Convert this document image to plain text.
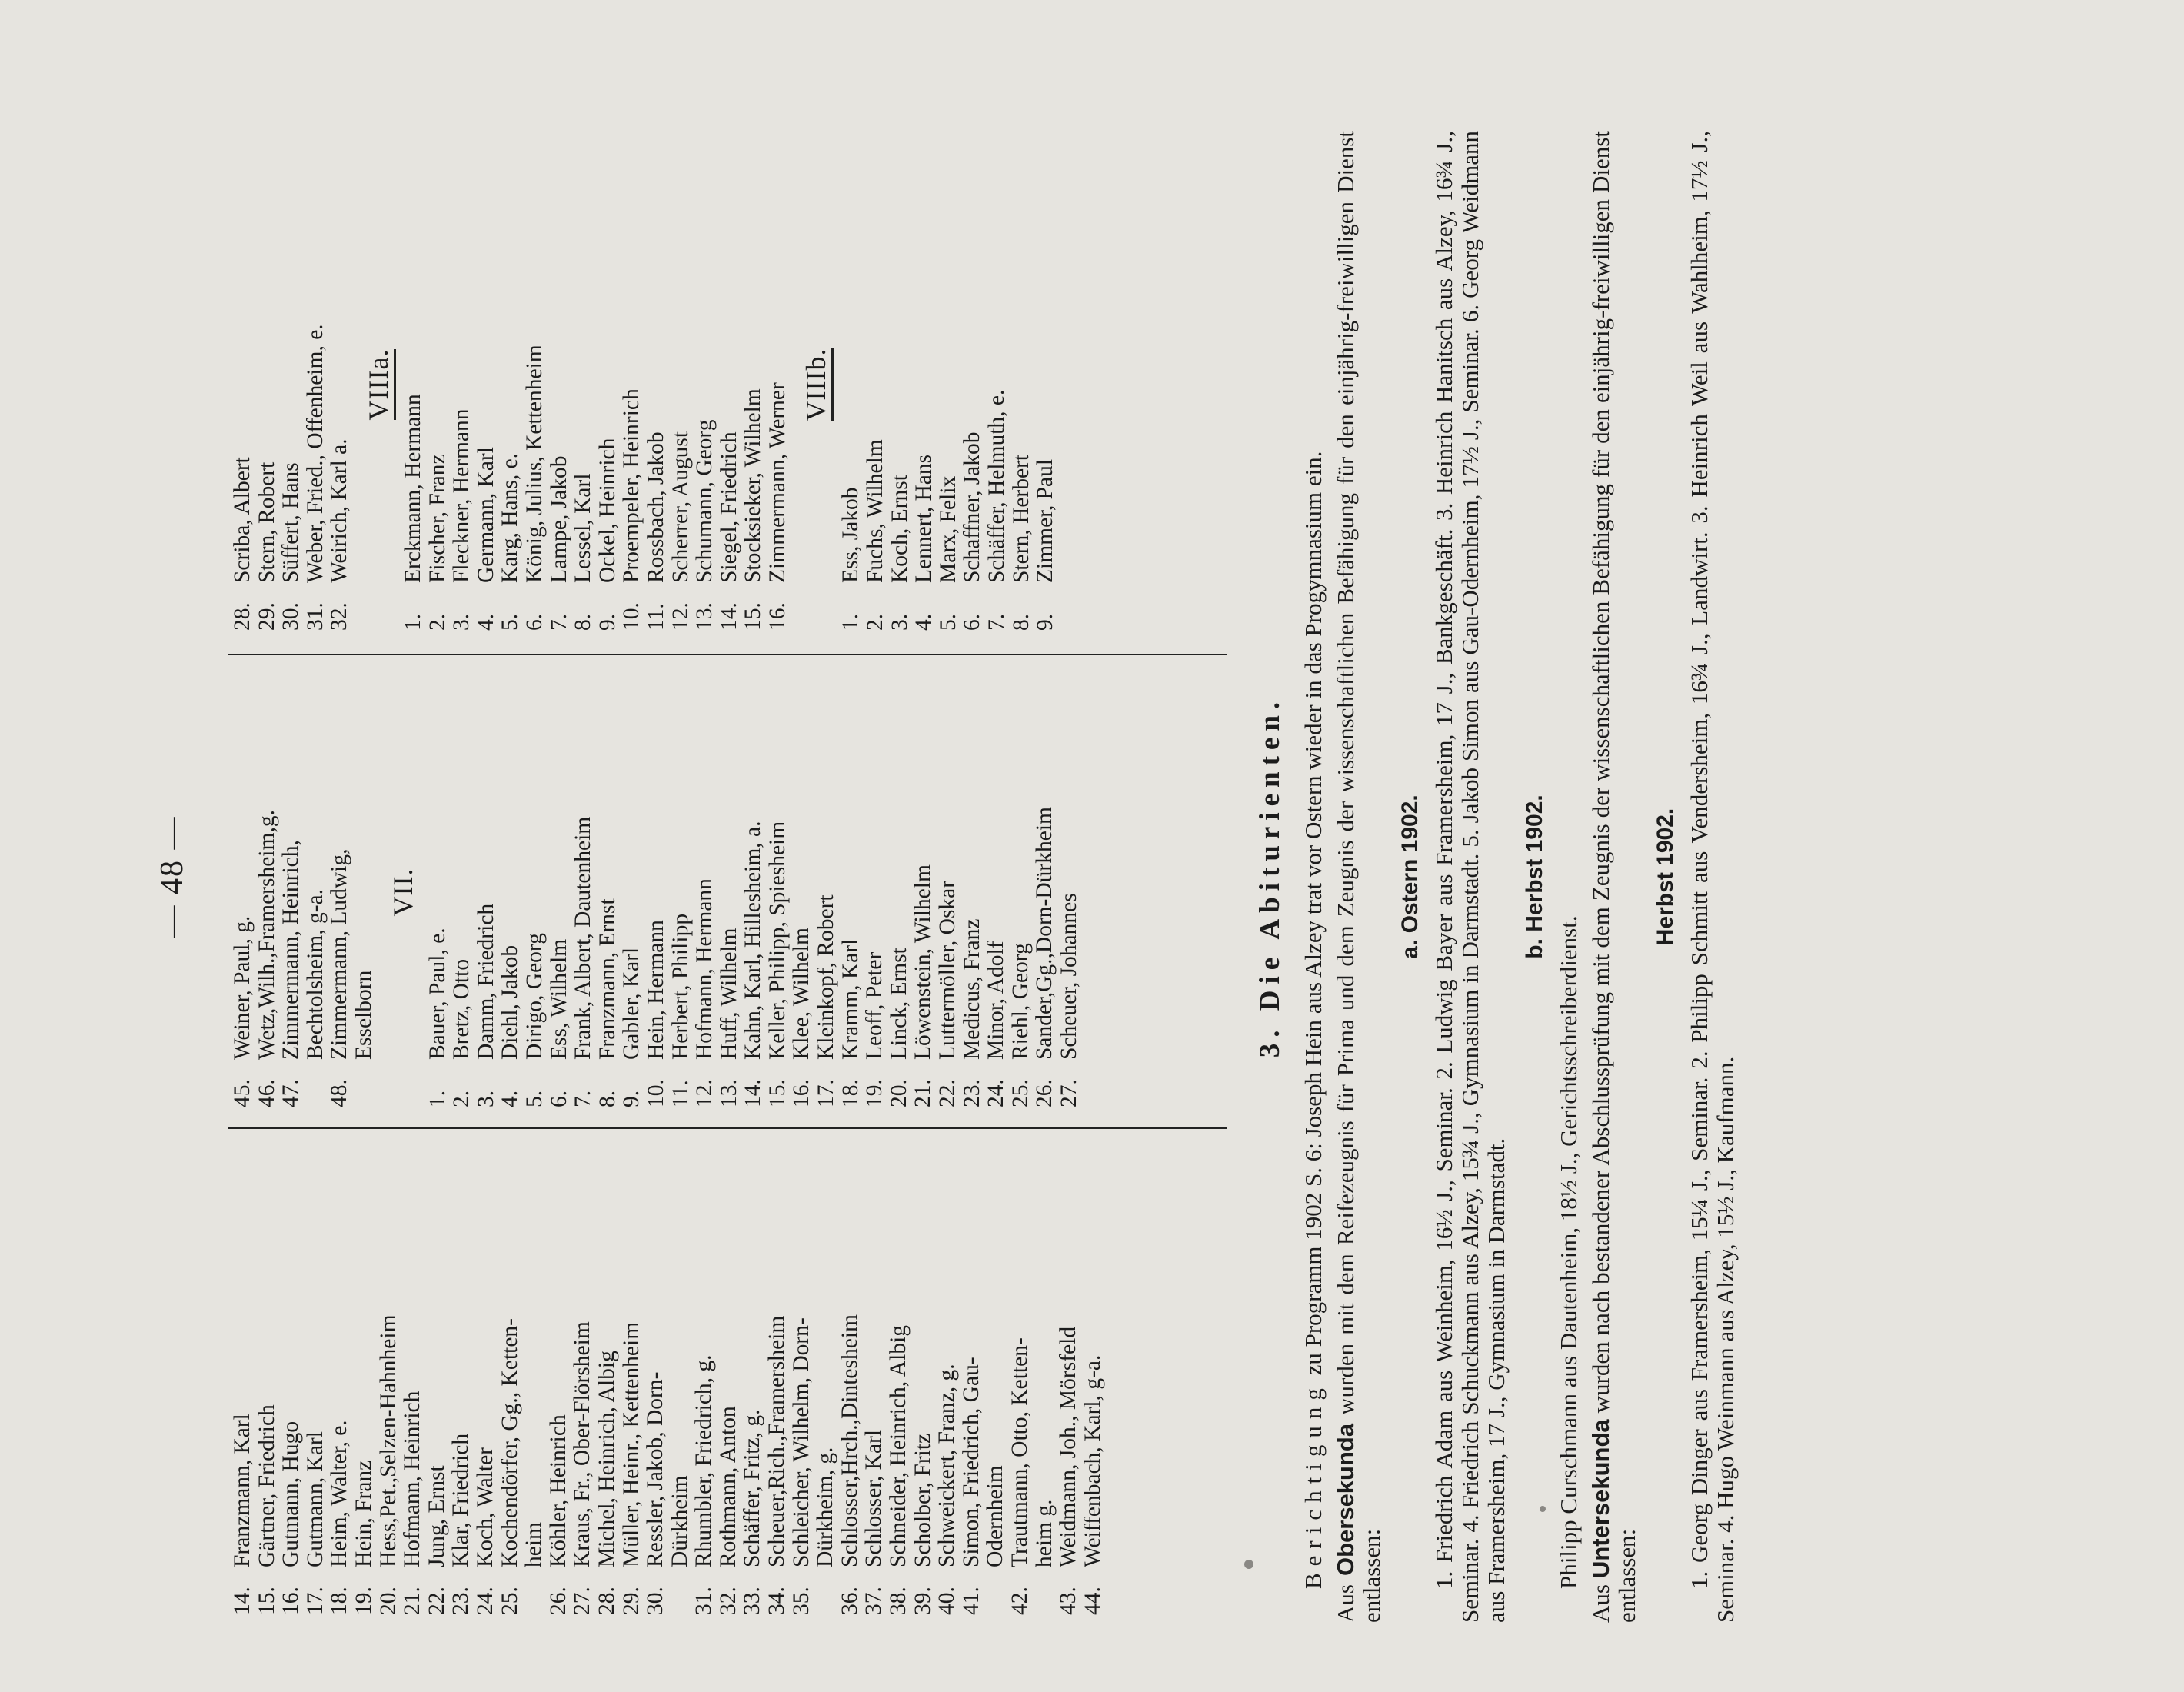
— 48 —
14.
Franzmann, Karl
15.
Gärtner, Friedrich
16.
Gutmann, Hugo
17.
Gutmann, Karl
18.
Heim, Walter, e.
19.
Hein, Franz
20.
Hess,Pet.,Selzen-Hahnheim
21.
Hofmann, Heinrich
22.
Jung, Ernst
23.
Klar, Friedrich
24.
Koch, Walter
25.
Kochendörfer, Gg., Ketten- heim
26.
Köhler, Heinrich
27.
Kraus, Fr., Ober-Flörsheim
28.
Michel, Heinrich, Albig
29.
Müller, Heinr., Kettenheim
30.
Ressler, Jakob, Dorn- Dürkheim
31.
Rhumbler, Friedrich, g.
32.
Rothmann, Anton
33.
Schäffer, Fritz, g.
34.
Scheuer,Rich.,Framersheim
35.
Schleicher, Wilhelm, Dorn- Dürkheim, g.
36.
Schlosser,Hrch.,Dintesheim
37.
Schlosser, Karl
38.
Schneider, Heinrich, Albig
39.
Scholber, Fritz
40.
Schweickert, Franz, g.
41.
Simon, Friedrich, Gau- Odernheim
42.
Trautmann, Otto, Ketten- heim g.
43.
Weidmann, Joh., Mörsfeld
44.
Weiffenbach, Karl, g-a.
45.
Weiner, Paul, g.
46.
Wetz,Wilh.,Framersheim,g.
47.
Zimmermann, Heinrich, Bechtolsheim, g-a.
48.
Zimmermann, Ludwig, Esselborn
VII.
1.
Bauer, Paul, e.
2.
Bretz, Otto
3.
Damm, Friedrich
4.
Diehl, Jakob
5.
Dirigo, Georg
6.
Ess, Wilhelm
7.
Frank, Albert, Dautenheim
8.
Franzmann, Ernst
9.
Gabler, Karl
10.
Hein, Hermann
11.
Herbert, Philipp
12.
Hofmann, Hermann
13.
Huff, Wilhelm
14.
Kahn, Karl, Hillesheim, a.
15.
Keller, Philipp, Spiesheim
16.
Klee, Wilhelm
17.
Kleinkopf, Robert
18.
Kramm, Karl
19.
Leoff, Peter
20.
Linck, Ernst
21.
Löwenstein, Wilhelm
22.
Luttermöller, Oskar
23.
Medicus, Franz
24.
Minor, Adolf
25.
Riehl, Georg
26.
Sander,Gg.,Dorn-Dürkheim
27.
Scheuer, Johannes
28.
Scriba, Albert
29.
Stern, Robert
30.
Süffert, Hans
31.
Weber, Fried., Offenheim, e.
32.
Weirich, Karl a.
VIIIa.
1.
Erckmann, Hermann
2.
Fischer, Franz
3.
Fleckner, Hermann
4.
Germann, Karl
5.
Karg, Hans, e.
6.
König, Julius, Kettenheim
7.
Lampe, Jakob
8.
Lessel, Karl
9.
Ockel, Heinrich
10.
Proempeler, Heinrich
11.
Rossbach, Jakob
12.
Scherrer, August
13.
Schumann, Georg
14.
Siegel, Friedrich
15.
Stocksieker, Wilhelm
16.
Zimmermann, Werner VIIIb.
1.
Ess, Jakob
2.
Fuchs, Wilhelm
3.
Koch, Ernst
4.
Lennert, Hans
5.
Marx, Felix
6.
Schaffner, Jakob
7.
Schäffer, Helmuth, e.
8.
Stern, Herbert
9.
Zimmer, Paul
3. Die Abiturienten.

Berichtigung zu Programm 1902 S. 6: Joseph Hein aus Alzey trat vor Ostern wieder in das Progymnasium ein.

Aus Obersekunda wurden mit dem Reifezeugnis für Prima und dem Zeugnis der wissenschaftlichen Befähigung für den einjährig-freiwilligen Dienst entlassen:

a. Ostern 1902. 1. Friedrich Adam aus Weinheim, 16½ J., Seminar. 2. Ludwig Bayer aus Framersheim, 17 J., Bankgeschäft. 3. Heinrich Hanitsch aus Alzey, 16¾ J., Seminar. 4. Friedrich Schuckmann aus Alzey, 15¾ J., Gymnasium in Darmstadt. 5. Jakob Simon aus Gau-Odernheim, 17½ J., Seminar. 6. Georg Weidmann aus Framersheim, 17 J., Gymnasium in Darmstadt.

b. Herbst 1902.

Philipp Curschmann aus Dautenheim, 18½ J., Gerichtsschreiberdienst.

Aus Untersekunda wurden nach bestandener Abschlussprüfung mit dem Zeugnis der wissenschaftlichen Befähigung für den einjährig-freiwilligen Dienst entlassen:

Herbst 1902. 1. Georg Dinger aus Framersheim, 15¼ J., Seminar. 2. Philipp Schmitt aus Vendersheim, 16¾ J., Landwirt. 3. Heinrich Weil aus Wahlheim, 17½ J., Seminar. 4. Hugo Weinmann aus Alzey, 15½ J., Kaufmann.
